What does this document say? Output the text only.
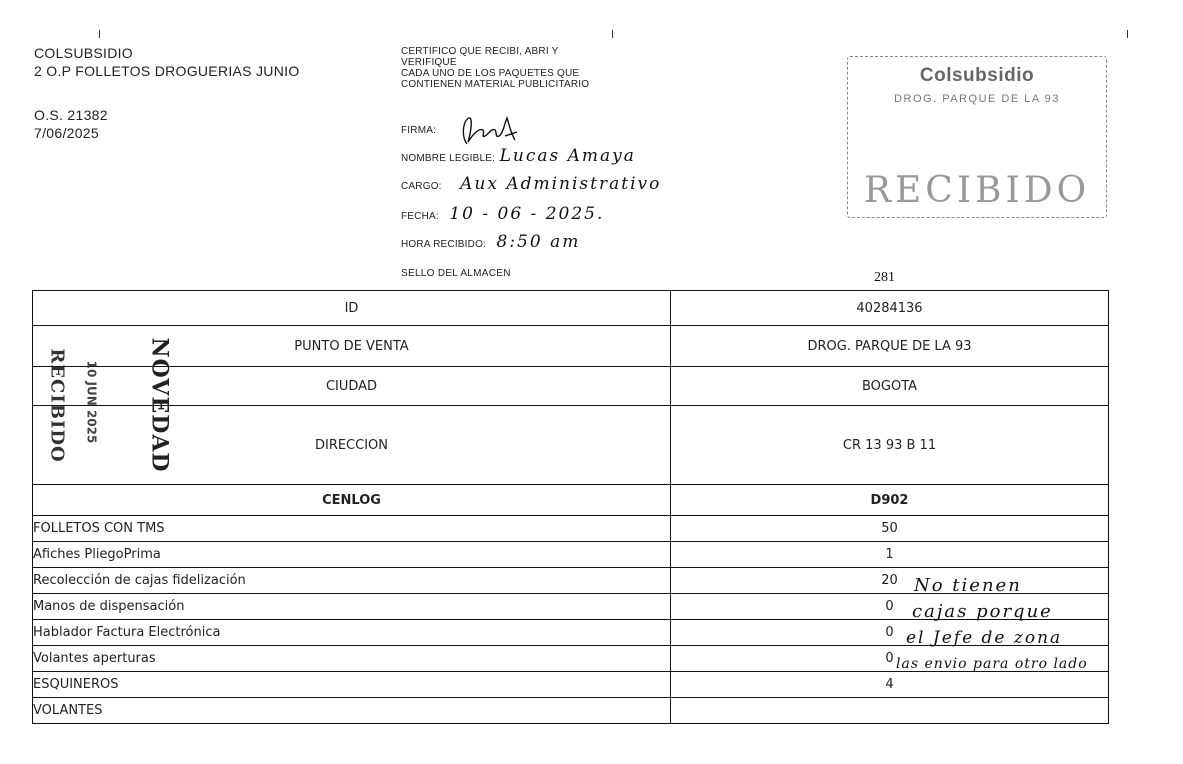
COLSUBSIDIO
2 O.P FOLLETOS DROGUERIAS JUNIO
O.S. 21382
7/06/2025
CERTIFICO QUE RECIBI, ABRI Y
VERIFIQUE
CADA UNO DE LOS PAQUETES QUE
CONTIENEN MATERIAL PUBLICITARIO
FIRMA:
NOMBRE LEGIBLE: Lucas Amaya
CARGO: Aux Administrativo
FECHA: 10 - 06 - 2025.
HORA RECIBIDO: 8:50 am
SELLO DEL ALMACEN
Colsubsidio
DROG. PARQUE DE LA 93
RECIBIDO
281
ID	40284136
PUNTO DE VENTA	DROG. PARQUE DE LA 93
CIUDAD	BOGOTA
DIRECCION	CR 13 93 B 11
CENLOG	D902
FOLLETOS CON TMS	50
Afiches PliegoPrima	1
Recolección de cajas fidelización	20
Manos de dispensación	0
Hablador Factura Electrónica	0
Volantes aperturas	0
ESQUINEROS	4
VOLANTES	
RECIBIDO 10 JUN 2025 NOVEDAD
No tienen
cajas porque
el Jefe de zona
las envio para otro lado
